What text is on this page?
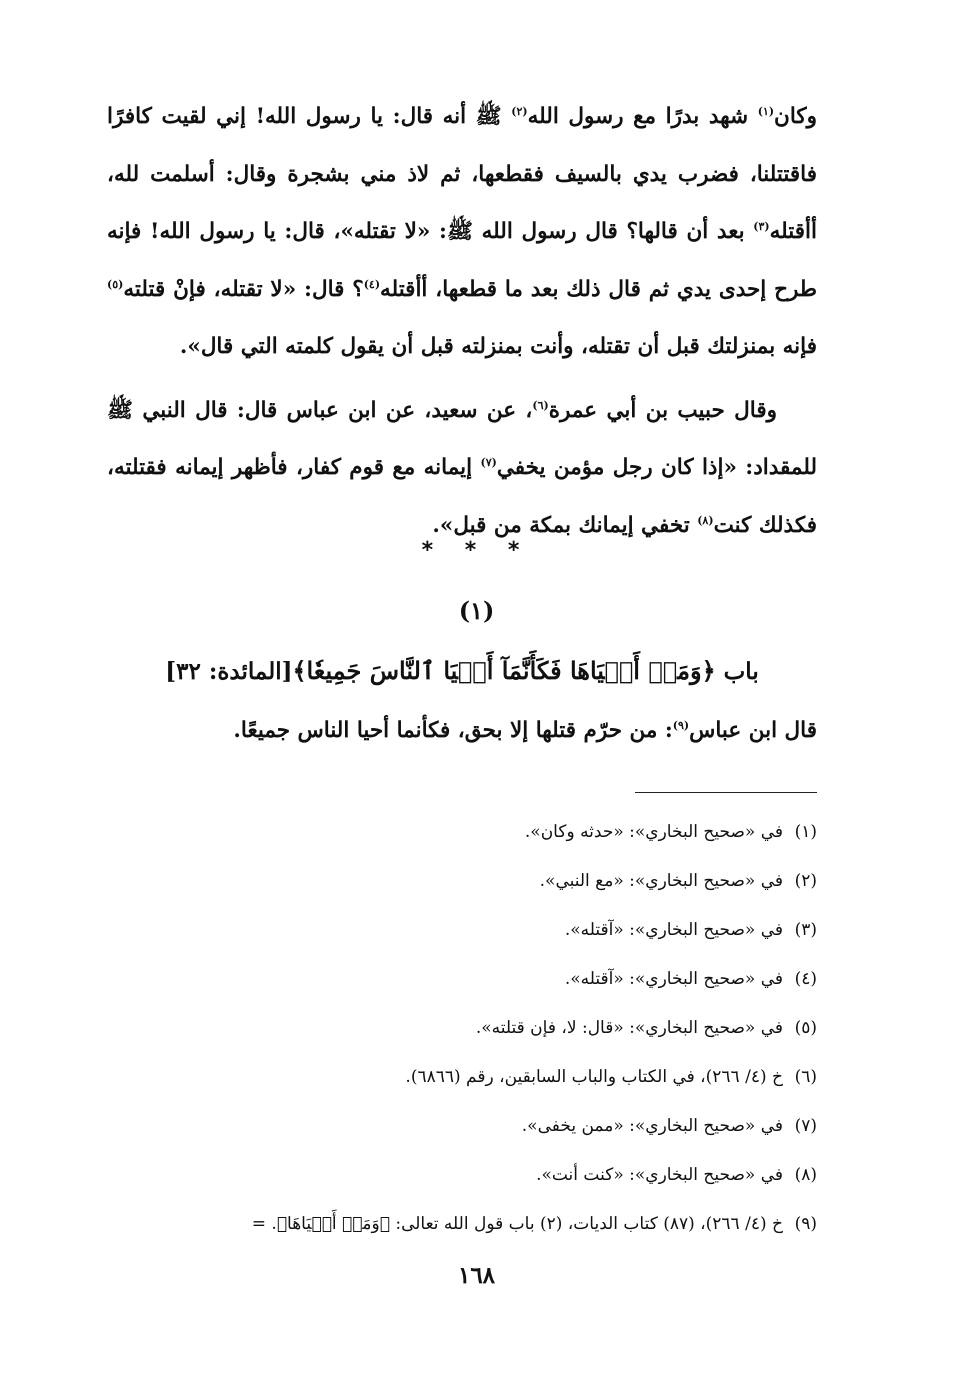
وكان$^{(١)}$ شهد بدرًا مع رسول الله$^{(٢)}$ ﷺ أنه قال: يا رسول الله! إني لقيت كافرًا فاقتتلنا، فضرب يدي بالسيف فقطعها، ثم لاذ مني بشجرة وقال: أسلمت لله، أأقتله$^{(٣)}$ بعد أن قالها؟ قال رسول الله ﷺ: «لا تقتله»، قال: يا رسول الله! فإنه طرح إحدى يدي ثم قال ذلك بعد ما قطعها، أأقتله$^{(٤)}$؟ قال: «لا تقتله، فإنْ قتلته$^{(٥)}$ فإنه بمنزلتك قبل أن تقتله، وأنت بمنزلته قبل أن يقول كلمته التي قال».

وقال حبيب بن أبي عمرة$^{(٦)}$، عن سعيد، عن ابن عباس قال: قال النبي ﷺ للمقداد: «إذا كان رجل مؤمن يخفي$^{(٧)}$ إيمانه مع قوم كفار، فأظهر إيمانه فقتلته، فكذلك كنت$^{(٨)}$ تخفي إيمانك بمكة من قبل».

* * *
(١)
باب ﴿وَمَنۡ أَحۡيَاهَا فَكَأَنَّمَآ أَحۡيَا ٱلنَّاسَ جَمِيعٗا﴾[المائدة: ٣٢]
قال ابن عباس$^{(٩)}$: من حرّم قتلها إلا بحق، فكأنما أحيا الناس جميعًا.
(١)في «صحيح البخاري»: «حدثه وكان».
(٢)في «صحيح البخاري»: «مع النبي».
(٣)في «صحيح البخاري»: «آقتله».
(٤)في «صحيح البخاري»: «آقتله».
(٥)في «صحيح البخاري»: «قال: لا، فإن قتلته».
(٦)خ (٤/ ٢٦٦)، في الكتاب والباب السابقين، رقم (٦٨٦٦).
(٧)في «صحيح البخاري»: «ممن يخفى».
(٨)في «صحيح البخاري»: «كنت أنت».
(٩)خ (٤/ ٢٦٦)، (٨٧) كتاب الديات، (٢) باب قول الله تعالى: ﴿وَمَنۡ أَحۡيَاهَا﴾. =
١٦٨
